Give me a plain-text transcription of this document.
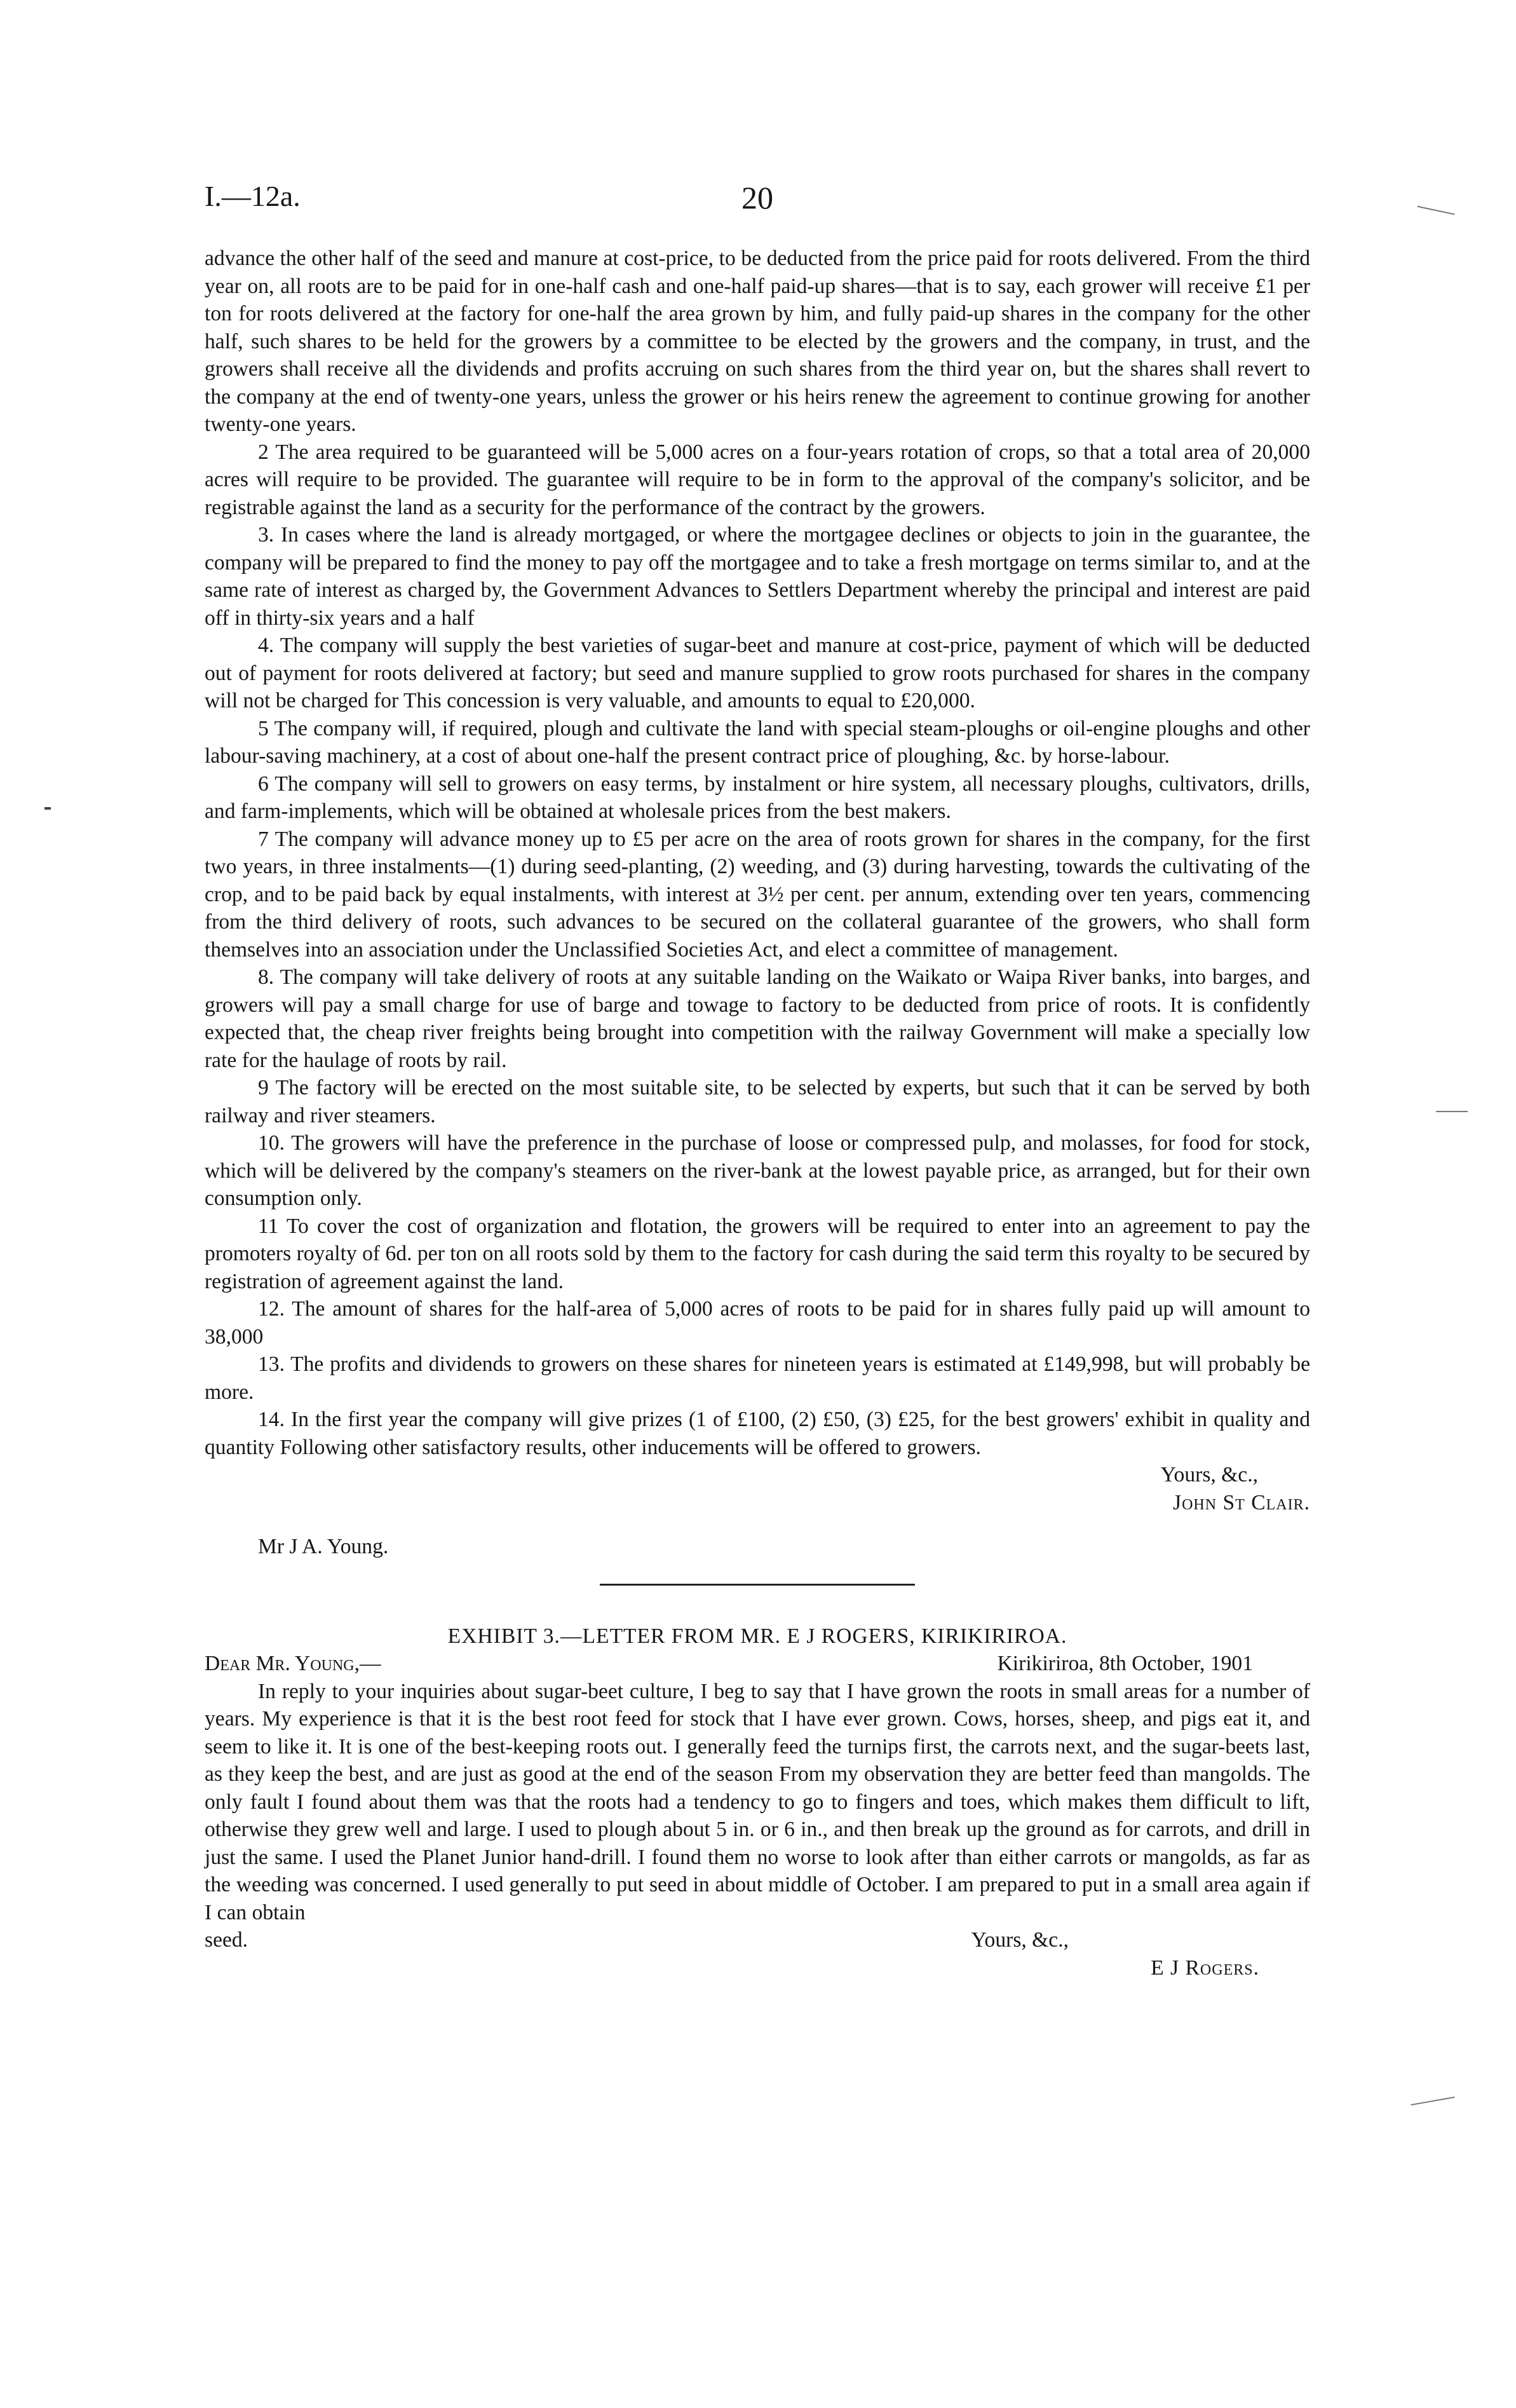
I.—12a.	20

advance the other half of the seed and manure at cost-price, to be deducted from the price paid for roots delivered. From the third year on, all roots are to be paid for in one-half cash and one-half paid-up shares—that is to say, each grower will receive £1 per ton for roots delivered at the factory for one-half the area grown by him, and fully paid-up shares in the company for the other half, such shares to be held for the growers by a committee to be elected by the growers and the company, in trust, and the growers shall receive all the dividends and profits accruing on such shares from the third year on, but the shares shall revert to the company at the end of twenty-one years, unless the grower or his heirs renew the agreement to continue growing for another twenty-one years.

2 The area required to be guaranteed will be 5,000 acres on a four-years rotation of crops, so that a total area of 20,000 acres will require to be provided. The guarantee will require to be in form to the approval of the company's solicitor, and be registrable against the land as a security for the performance of the contract by the growers.

3. In cases where the land is already mortgaged, or where the mortgagee declines or objects to join in the guarantee, the company will be prepared to find the money to pay off the mortgagee and to take a fresh mortgage on terms similar to, and at the same rate of interest as charged by, the Government Advances to Settlers Department whereby the principal and interest are paid off in thirty-six years and a half

4. The company will supply the best varieties of sugar-beet and manure at cost-price, payment of which will be deducted out of payment for roots delivered at factory; but seed and manure supplied to grow roots purchased for shares in the company will not be charged for This concession is very valuable, and amounts to equal to £20,000.

5 The company will, if required, plough and cultivate the land with special steam-ploughs or oil-engine ploughs and other labour-saving machinery, at a cost of about one-half the present contract price of ploughing, &c. by horse-labour.

6 The company will sell to growers on easy terms, by instalment or hire system, all necessary ploughs, cultivators, drills, and farm-implements, which will be obtained at wholesale prices from the best makers.

7 The company will advance money up to £5 per acre on the area of roots grown for shares in the company, for the first two years, in three instalments—(1) during seed-planting, (2) weeding, and (3) during harvesting, towards the cultivating of the crop, and to be paid back by equal instalments, with interest at 3½ per cent. per annum, extending over ten years, commencing from the third delivery of roots, such advances to be secured on the collateral guarantee of the growers, who shall form themselves into an association under the Unclassified Societies Act, and elect a committee of management.

8. The company will take delivery of roots at any suitable landing on the Waikato or Waipa River banks, into barges, and growers will pay a small charge for use of barge and towage to factory to be deducted from price of roots. It is confidently expected that, the cheap river freights being brought into competition with the railway Government will make a specially low rate for the haulage of roots by rail.

9 The factory will be erected on the most suitable site, to be selected by experts, but such that it can be served by both railway and river steamers.

10. The growers will have the preference in the purchase of loose or compressed pulp, and molasses, for food for stock, which will be delivered by the company's steamers on the river-bank at the lowest payable price, as arranged, but for their own consumption only.

11 To cover the cost of organization and flotation, the growers will be required to enter into an agreement to pay the promoters royalty of 6d. per ton on all roots sold by them to the factory for cash during the said term this royalty to be secured by registration of agreement against the land.

12. The amount of shares for the half-area of 5,000 acres of roots to be paid for in shares fully paid up will amount to 38,000

13. The profits and dividends to growers on these shares for nineteen years is estimated at £149,998, but will probably be more.

14. In the first year the company will give prizes (1 of £100, (2) £50, (3) £25, for the best growers' exhibit in quality and quantity Following other satisfactory results, other inducements will be offered to growers.

Yours, &c.,

John St Clair.

Mr J A. Young.

EXHIBIT 3.—LETTER FROM MR. E J ROGERS, KIRIKIRIROA.

Dear Mr. Young,—	Kirikiriroa, 8th October, 1901

In reply to your inquiries about sugar-beet culture, I beg to say that I have grown the roots in small areas for a number of years. My experience is that it is the best root feed for stock that I have ever grown. Cows, horses, sheep, and pigs eat it, and seem to like it. It is one of the best-keeping roots out. I generally feed the turnips first, the carrots next, and the sugar-beets last, as they keep the best, and are just as good at the end of the season From my observation they are better feed than mangolds. The only fault I found about them was that the roots had a tendency to go to fingers and toes, which makes them difficult to lift, otherwise they grew well and large. I used to plough about 5 in. or 6 in., and then break up the ground as for carrots, and drill in just the same. I used the Planet Junior hand-drill. I found them no worse to look after than either carrots or mangolds, as far as the weeding was concerned. I used generally to put seed in about middle of October. I am prepared to put in a small area again if I can obtain

seed.	Yours, &c.,

E J Rogers.
